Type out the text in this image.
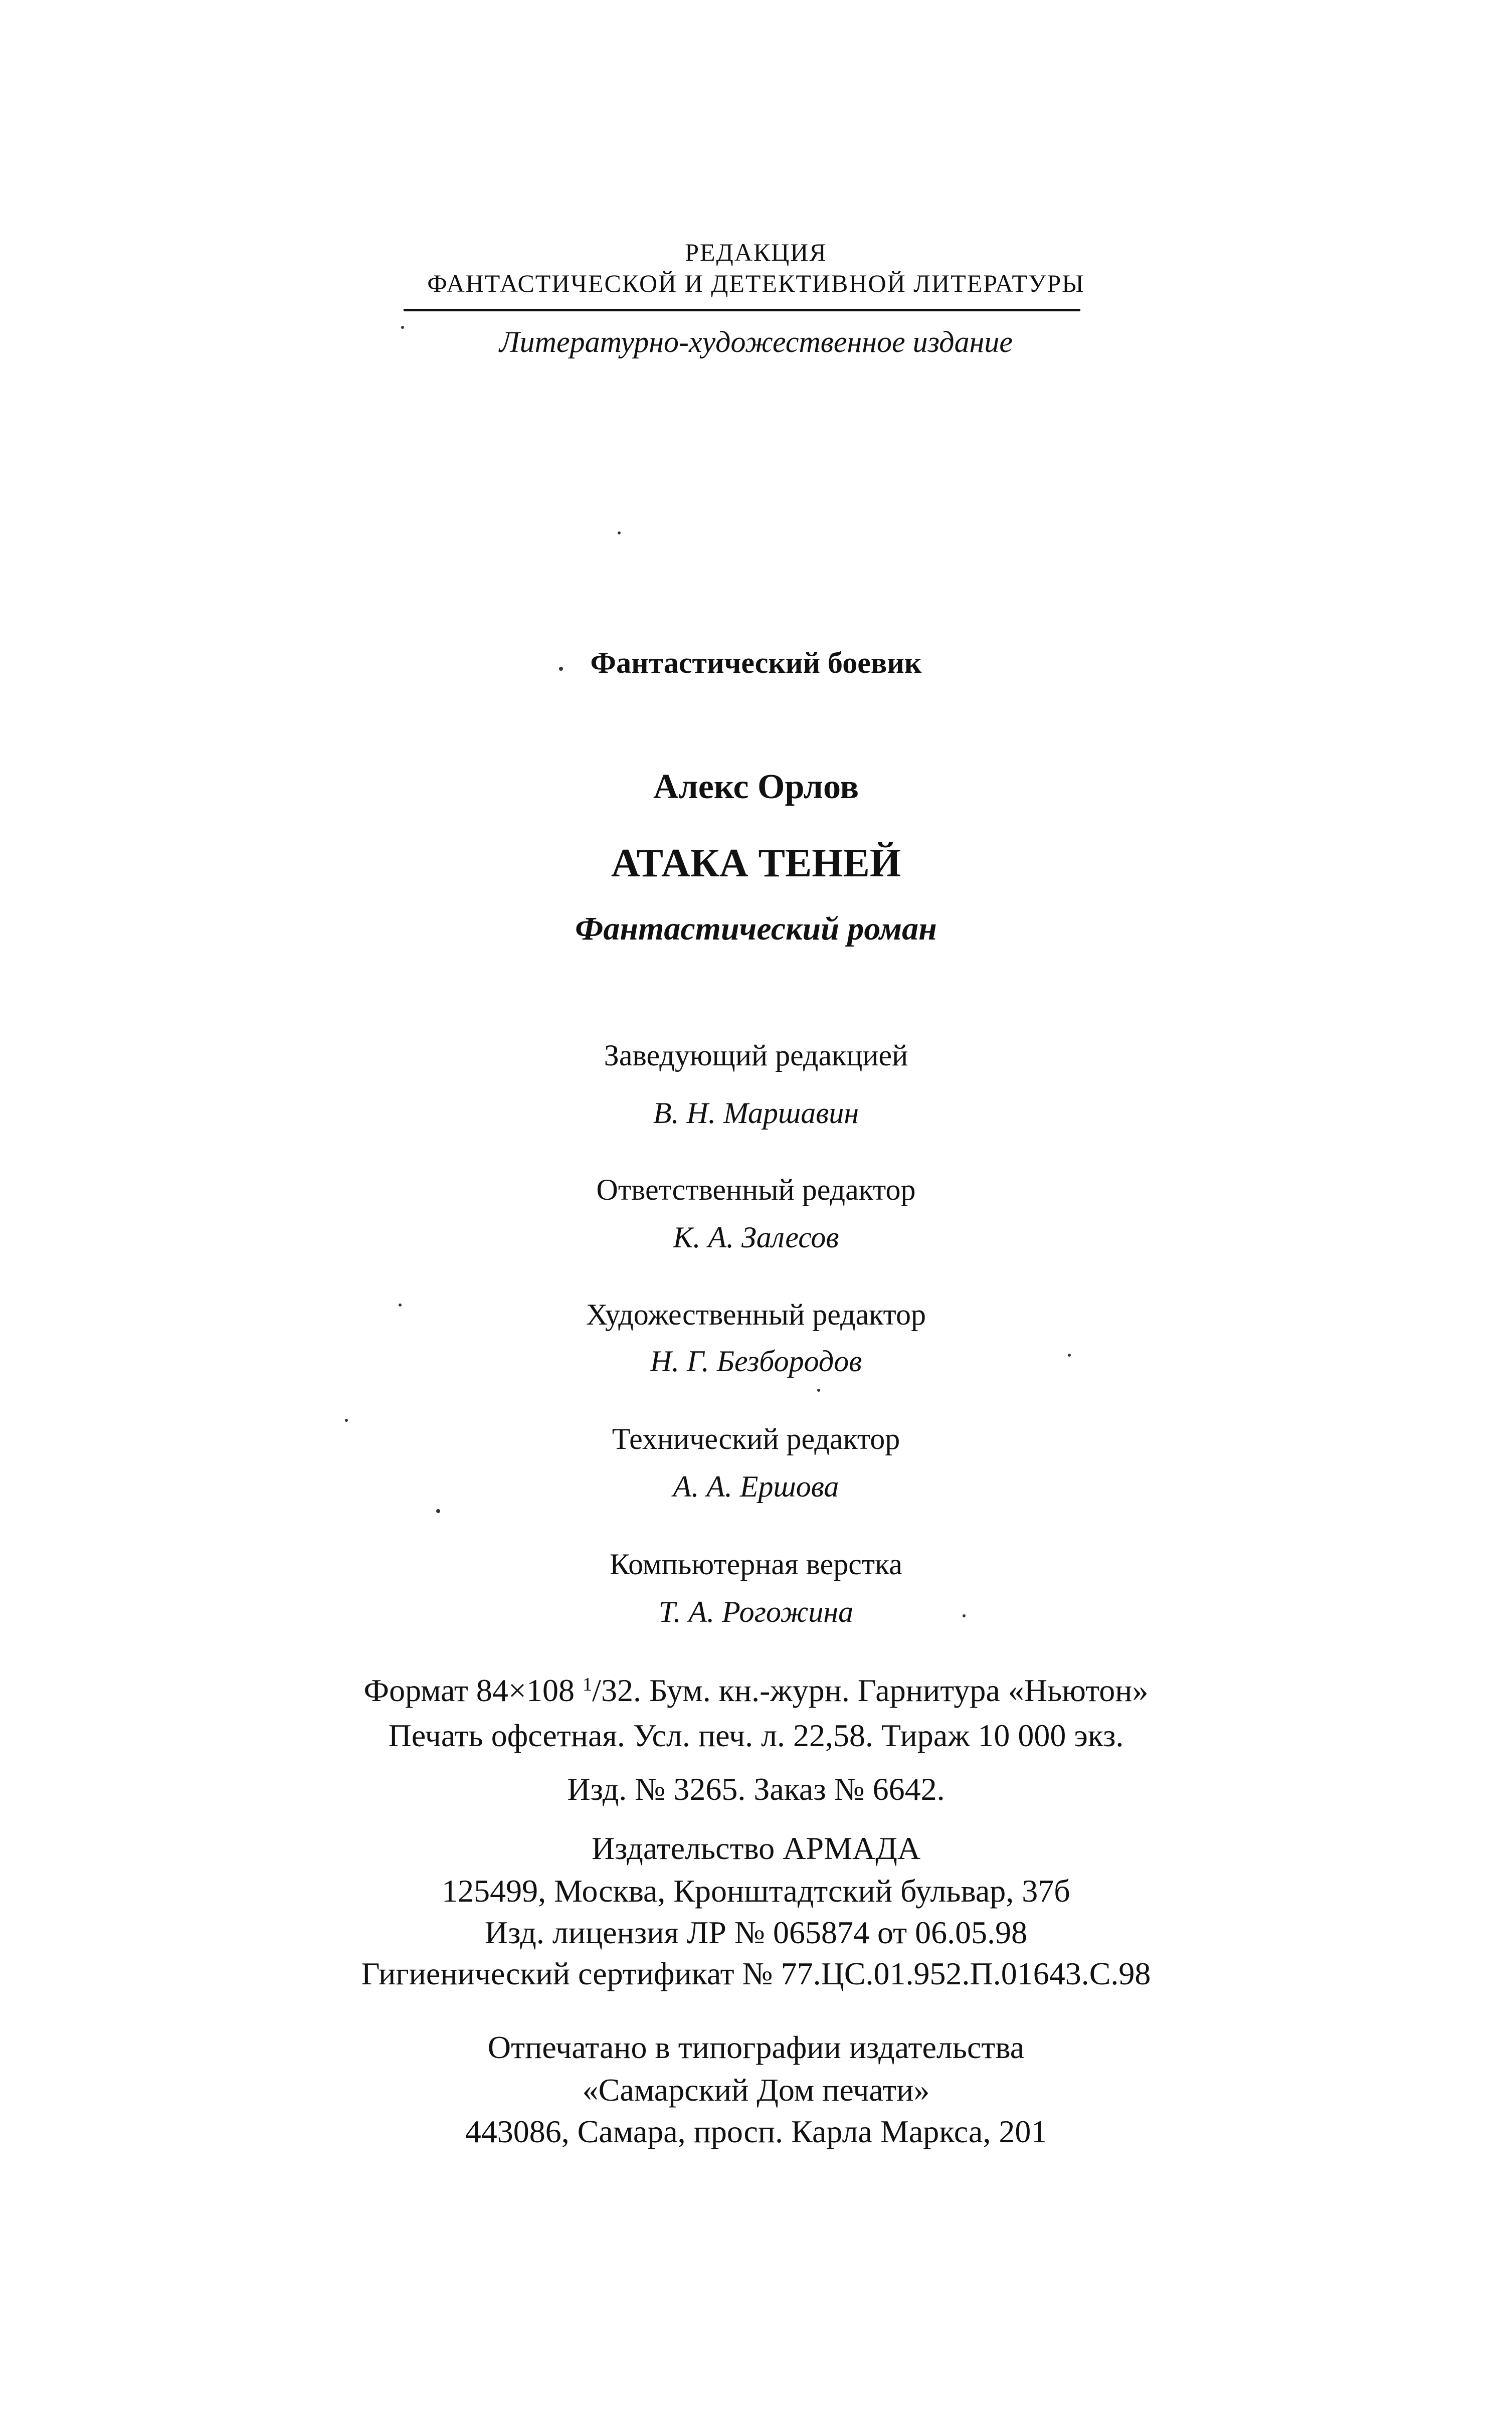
РЕДАКЦИЯ
ФАНТАСТИЧЕСКОЙ И ДЕТЕКТИВНОЙ ЛИТЕРАТУРЫ
Литературно-художественное издание
Фантастический боевик
Алекс Орлов
АТАКА ТЕНЕЙ
Фантастический роман
Заведующий редакцией
В. Н. Маршавин
Ответственный редактор
К. А. Залесов
Художественный редактор
Н. Г. Безбородов
Технический редактор
А. А. Ершова
Компьютерная верстка
Т. А. Рогожина
Формат 84×108 $^1$/32. Бум. кн.-журн. Гарнитура «Ньютон»
Печать офсетная. Усл. печ. л. 22,58. Тираж 10 000 экз.
Изд. № 3265. Заказ № 6642.
Издательство АРМАДА
125499, Москва, Кронштадтский бульвар, 37б
Изд. лицензия ЛР № 065874 от 06.05.98
Гигиенический сертификат № 77.ЦС.01.952.П.01643.С.98
Отпечатано в типографии издательства
«Самарский Дом печати»
443086, Самара, просп. Карла Маркса, 201
